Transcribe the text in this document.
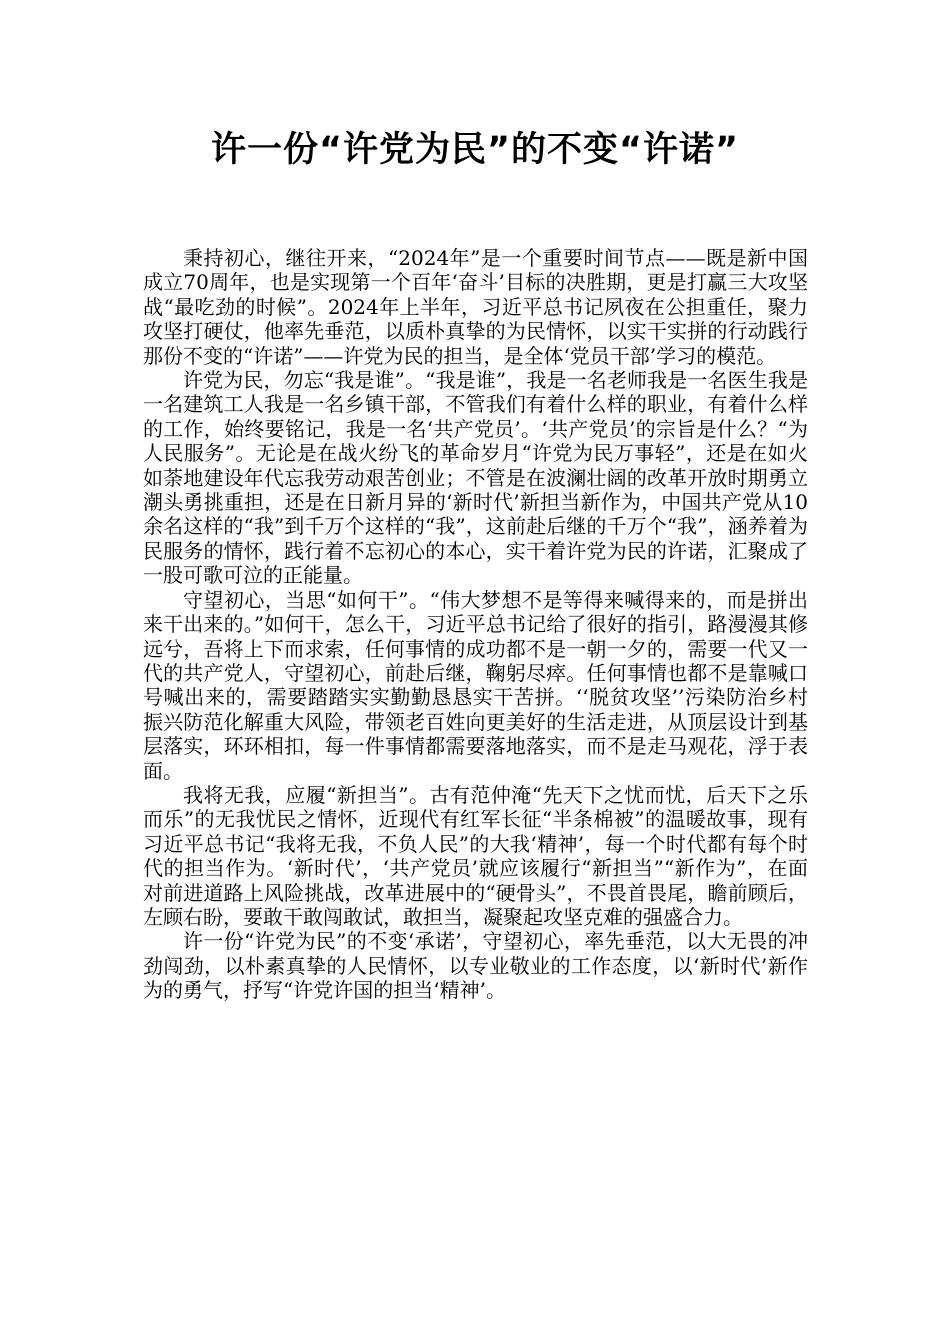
许一份“许党为民”的不变“许诺”

秉持初心，继往开来，“2024年”是一个重要时间节点——既是新中国成立70周年，也是实现第一个百年‘奋斗’目标的决胜期，更是打赢三大攻坚战“最吃劲的时候”。2024年上半年，习近平总书记夙夜在公担重任，聚力攻坚打硬仗，他率先垂范，以质朴真挚的为民情怀，以实干实拼的行动践行那份不变的“许诺”——许党为民的担当，是全体‘党员干部’学习的模范。

许党为民，勿忘“我是谁”。“我是谁”，我是一名老师我是一名医生我是一名建筑工人我是一名乡镇干部，不管我们有着什么样的职业，有着什么样的工作，始终要铭记，我是一名‘共产党员’。‘共产党员’的宗旨是什么？“为人民服务”。无论是在战火纷飞的革命岁月“许党为民万事轻”，还是在如火如荼地建设年代忘我劳动艰苦创业；不管是在波澜壮阔的改革开放时期勇立潮头勇挑重担，还是在日新月异的‘新时代’新担当新作为，中国共产党从10余名这样的“我”到千万个这样的“我”，这前赴后继的千万个“我”，涵养着为民服务的情怀，践行着不忘初心的本心，实干着许党为民的许诺，汇聚成了一股可歌可泣的正能量。

守望初心，当思“如何干”。“伟大梦想不是等得来喊得来的，而是拼出来干出来的。”如何干，怎么干，习近平总书记给了很好的指引，路漫漫其修远兮，吾将上下而求索，任何事情的成功都不是一朝一夕的，需要一代又一代的共产党人，守望初心，前赴后继，鞠躬尽瘁。任何事情也都不是靠喊口号喊出来的，需要踏踏实实勤勤恳恳实干苦拼。‘‘脱贫攻坚’’污染防治乡村振兴防范化解重大风险，带领老百姓向更美好的生活走进，从顶层设计到基层落实，环环相扣，每一件事情都需要落地落实，而不是走马观花，浮于表面。

我将无我，应履“新担当”。古有范仲淹“先天下之忧而忧，后天下之乐而乐”的无我忧民之情怀，近现代有红军长征“半条棉被”的温暖故事，现有习近平总书记“我将无我，不负人民”的大我‘精神’，每一个时代都有每个时代的担当作为。‘新时代’，‘共产党员’就应该履行“新担当”“新作为”，在面对前进道路上风险挑战，改革进展中的“硬骨头”，不畏首畏尾，瞻前顾后，左顾右盼，要敢干敢闯敢试，敢担当，凝聚起攻坚克难的强盛合力。

许一份“许党为民”的不变‘承诺’，守望初心，率先垂范，以大无畏的冲劲闯劲，以朴素真挚的人民情怀，以专业敬业的工作态度，以‘新时代’新作为的勇气，抒写“许党许国的担当‘精神’。
